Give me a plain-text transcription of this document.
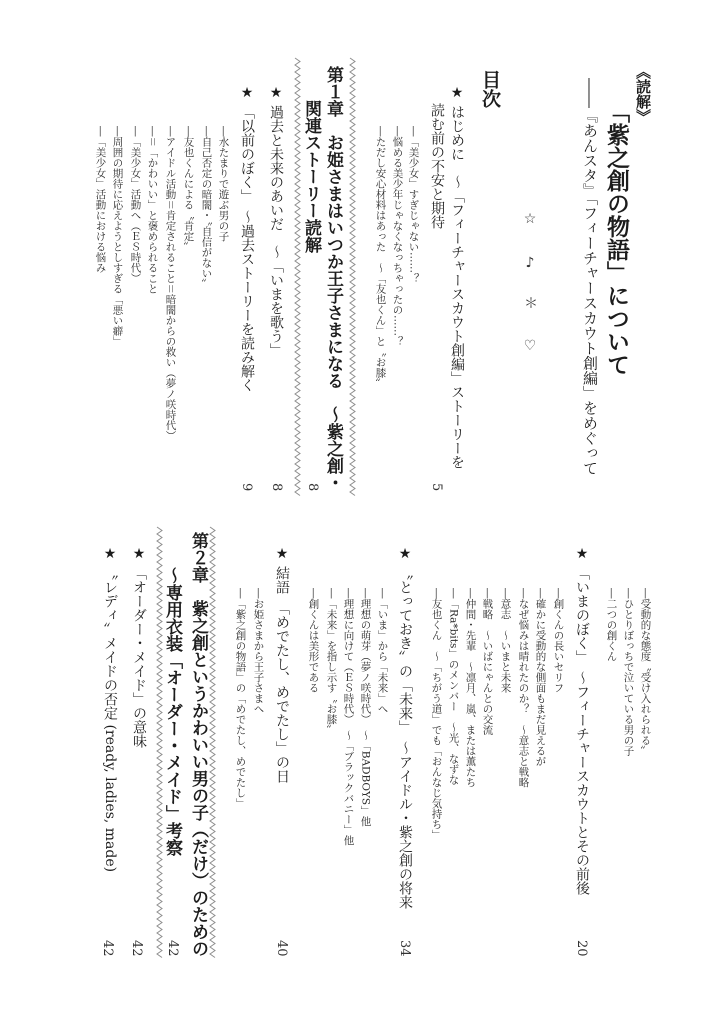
《読解》
「紫之創の物語」について
――『あんスタ』「フィーチャースカウト創編」をめぐって
☆
♪
＊
♡
目次
★はじめに　～「フィーチャースカウト創編」ストーリーを
読む前の不安と期待
5
―「美少女」すぎじゃない……？
―悩める美少年じゃなくなっちゃったの……？
―ただし安心材料はあった　～「友也くん」と〝お膝〟
第１章　お姫さまはいつか王子さまになる　～紫之創・
関連ストーリー読解
8
★過去と未来のあいだ　～「いまを歌う」
8
★「以前のぼく」　～過去ストーリーを読み解く
9
―水たまりで遊ぶ男の子
―自己否定の暗闇・〝自信がない〟
―友也くんによる〝肯定〟
―アイドル活動＝肯定されること＝暗闇からの救い（夢ノ咲時代）
―＝「かわいい」と褒められること
―「美少女」活動へ（ＥＳ時代）
―周囲の期待に応えようとしすぎる「悪い癖」
―「美少女」活動における悩み
―受動的な態度〝受け入れられる〟
―ひとりぼっちで泣いている男の子
―二つの創くん
★「いまのぼく」　～フィーチャースカウトとその前後
20
―創くんの長いセリフ
―確かに受動的な側面もまだ見えるが
―なぜ悩みは晴れたのか？　～意志と戦略
―意志　～いまと未来
―戦略　～いばにゃんとの交流
―仲間・先輩　～凛月、嵐、または薫たち
―「Ra*bits」のメンバー　～光、なずな
―友也くん　～「ちがう道」でも「おんなじ気持ち」
★〝とっておき〟の「未来」　～アイドル・紫之創の将来
34
―「いま」から「未来」へ
―理想の萌芽（夢ノ咲時代）　～「BADBOYS」他
―理想に向けて（ＥＳ時代）　～「ブラックバニー」他
―「未来」を指し示す〝お膝〟
―創くんは美形である
★結語　「めでたし、めでたし」の日
40
―お姫さまから王子さまへ
―「紫之創の物語」の「めでたし、めでたし」
第２章　紫之創というかわいい男の子（だけ）のための
～専用衣装「オーダー・メイド」考察
42
★「オーダー・メイド」の意味
42
★〝レディ〟メイドの否定 (ready, ladies, made)
42
